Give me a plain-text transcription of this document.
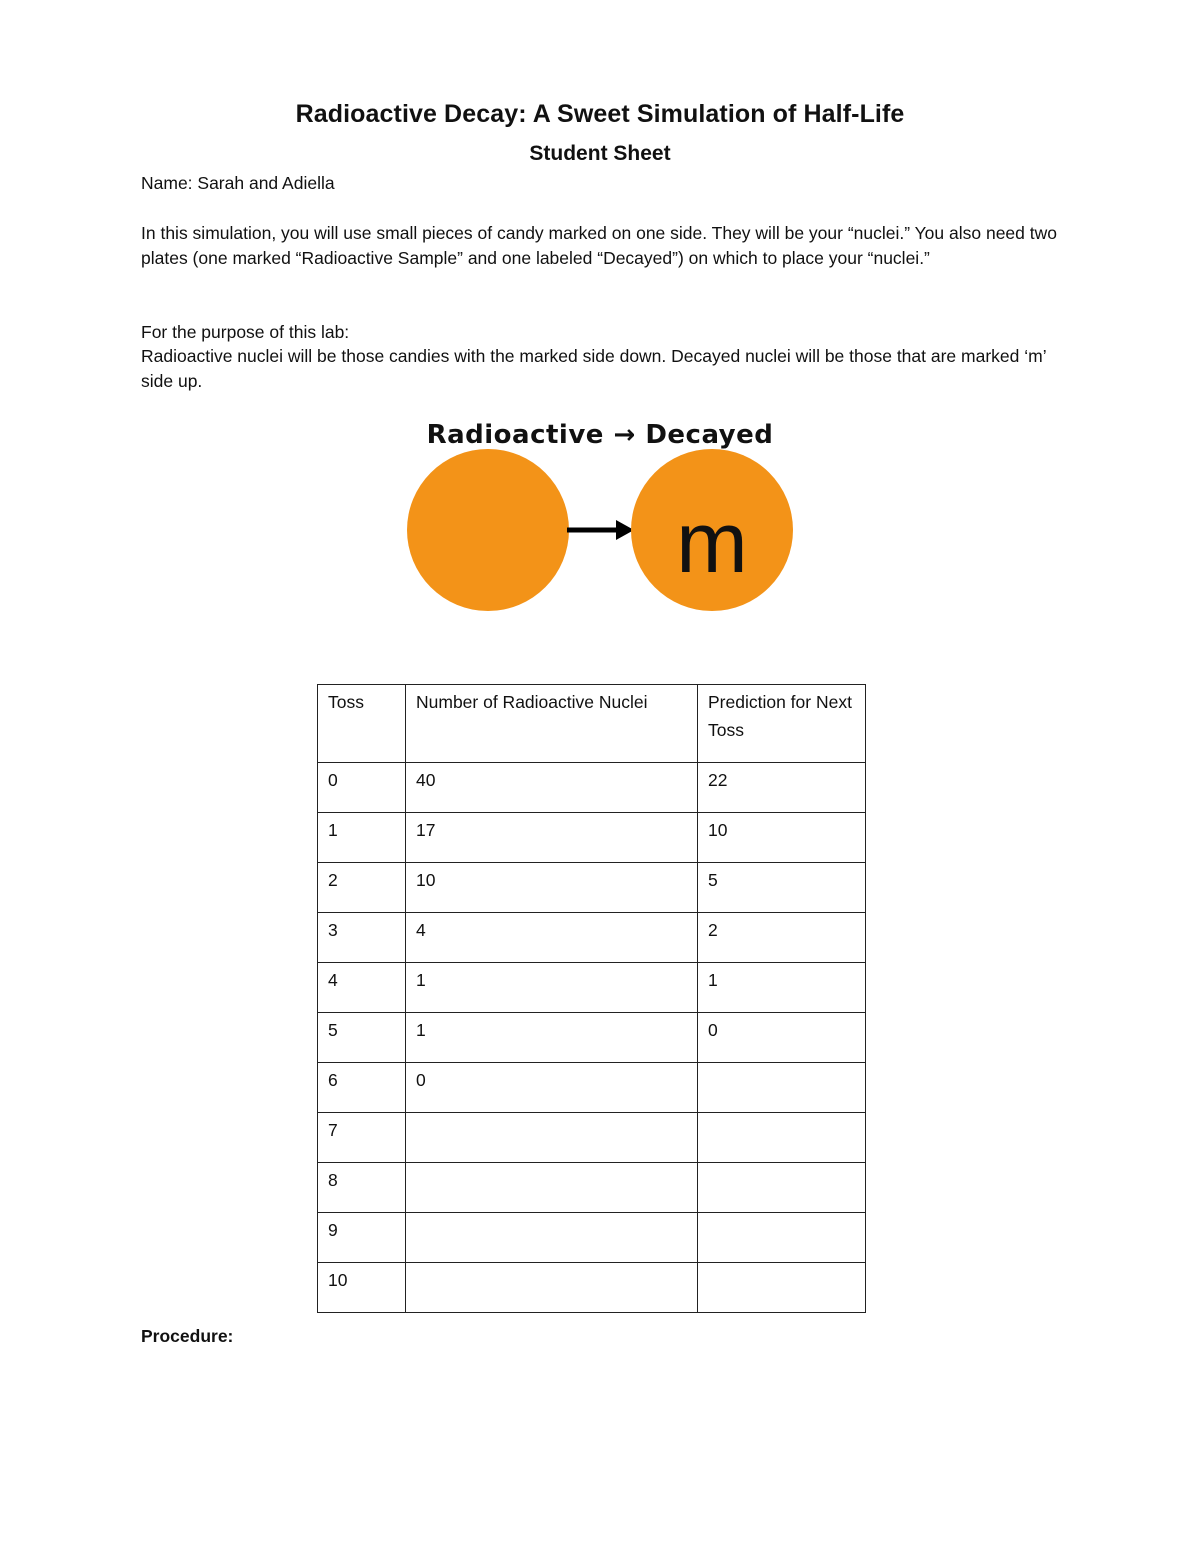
Radioactive Decay: A Sweet Simulation of Half-Life
Student Sheet

Name: Sarah and Adiella

In this simulation, you will use small pieces of candy marked on one side. They will be your “nuclei.” You also need two plates (one marked “Radioactive Sample” and one labeled “Decayed”) on which to place your “nuclei.”

For the purpose of this lab:

Radioactive nuclei will be those candies with the marked side down. Decayed nuclei will be those that are marked ‘m’ side up.

Radioactive → Decayed
m
Toss	Number of Radioactive Nuclei	Prediction for Next Toss
0	40	22
1	17	10
2	10	5
3	4	2
4	1	1
5	1	0
6	0	
7		
8		
9		
10		

Procedure:
